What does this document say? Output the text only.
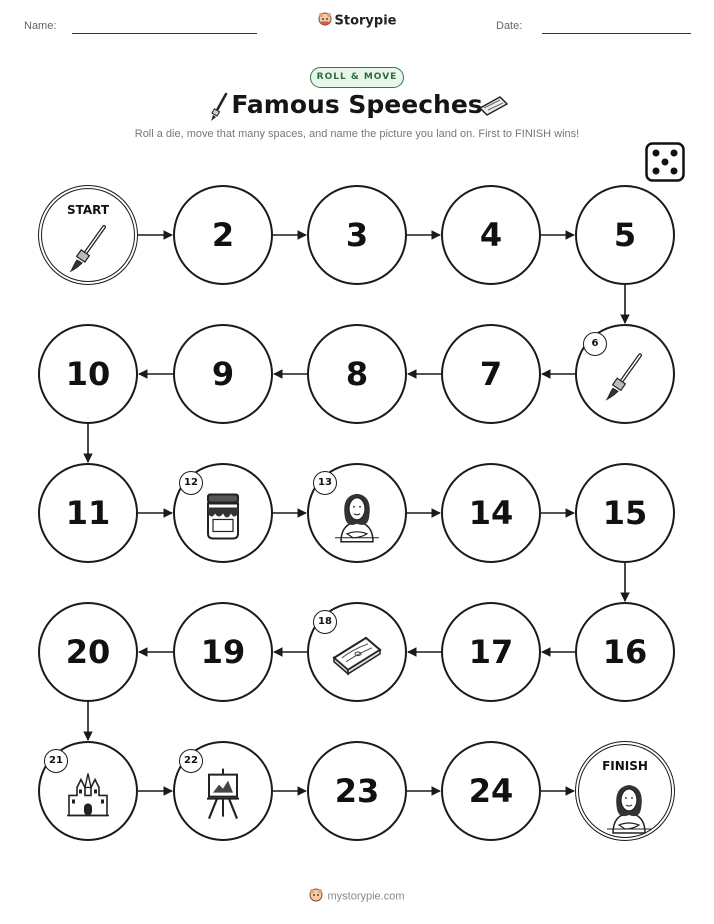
Name:	Storypie	Date:
ROLL & MOVE
Famous Speeches
Roll a die, move that many spaces, and name the picture you land on. First to FINISH wins!
START
2	3	4	5
6
7
8
9
10
11
12	13
14	15
16
17
18
19
20
21	22
23	24
FINISH
mystorypie.com
